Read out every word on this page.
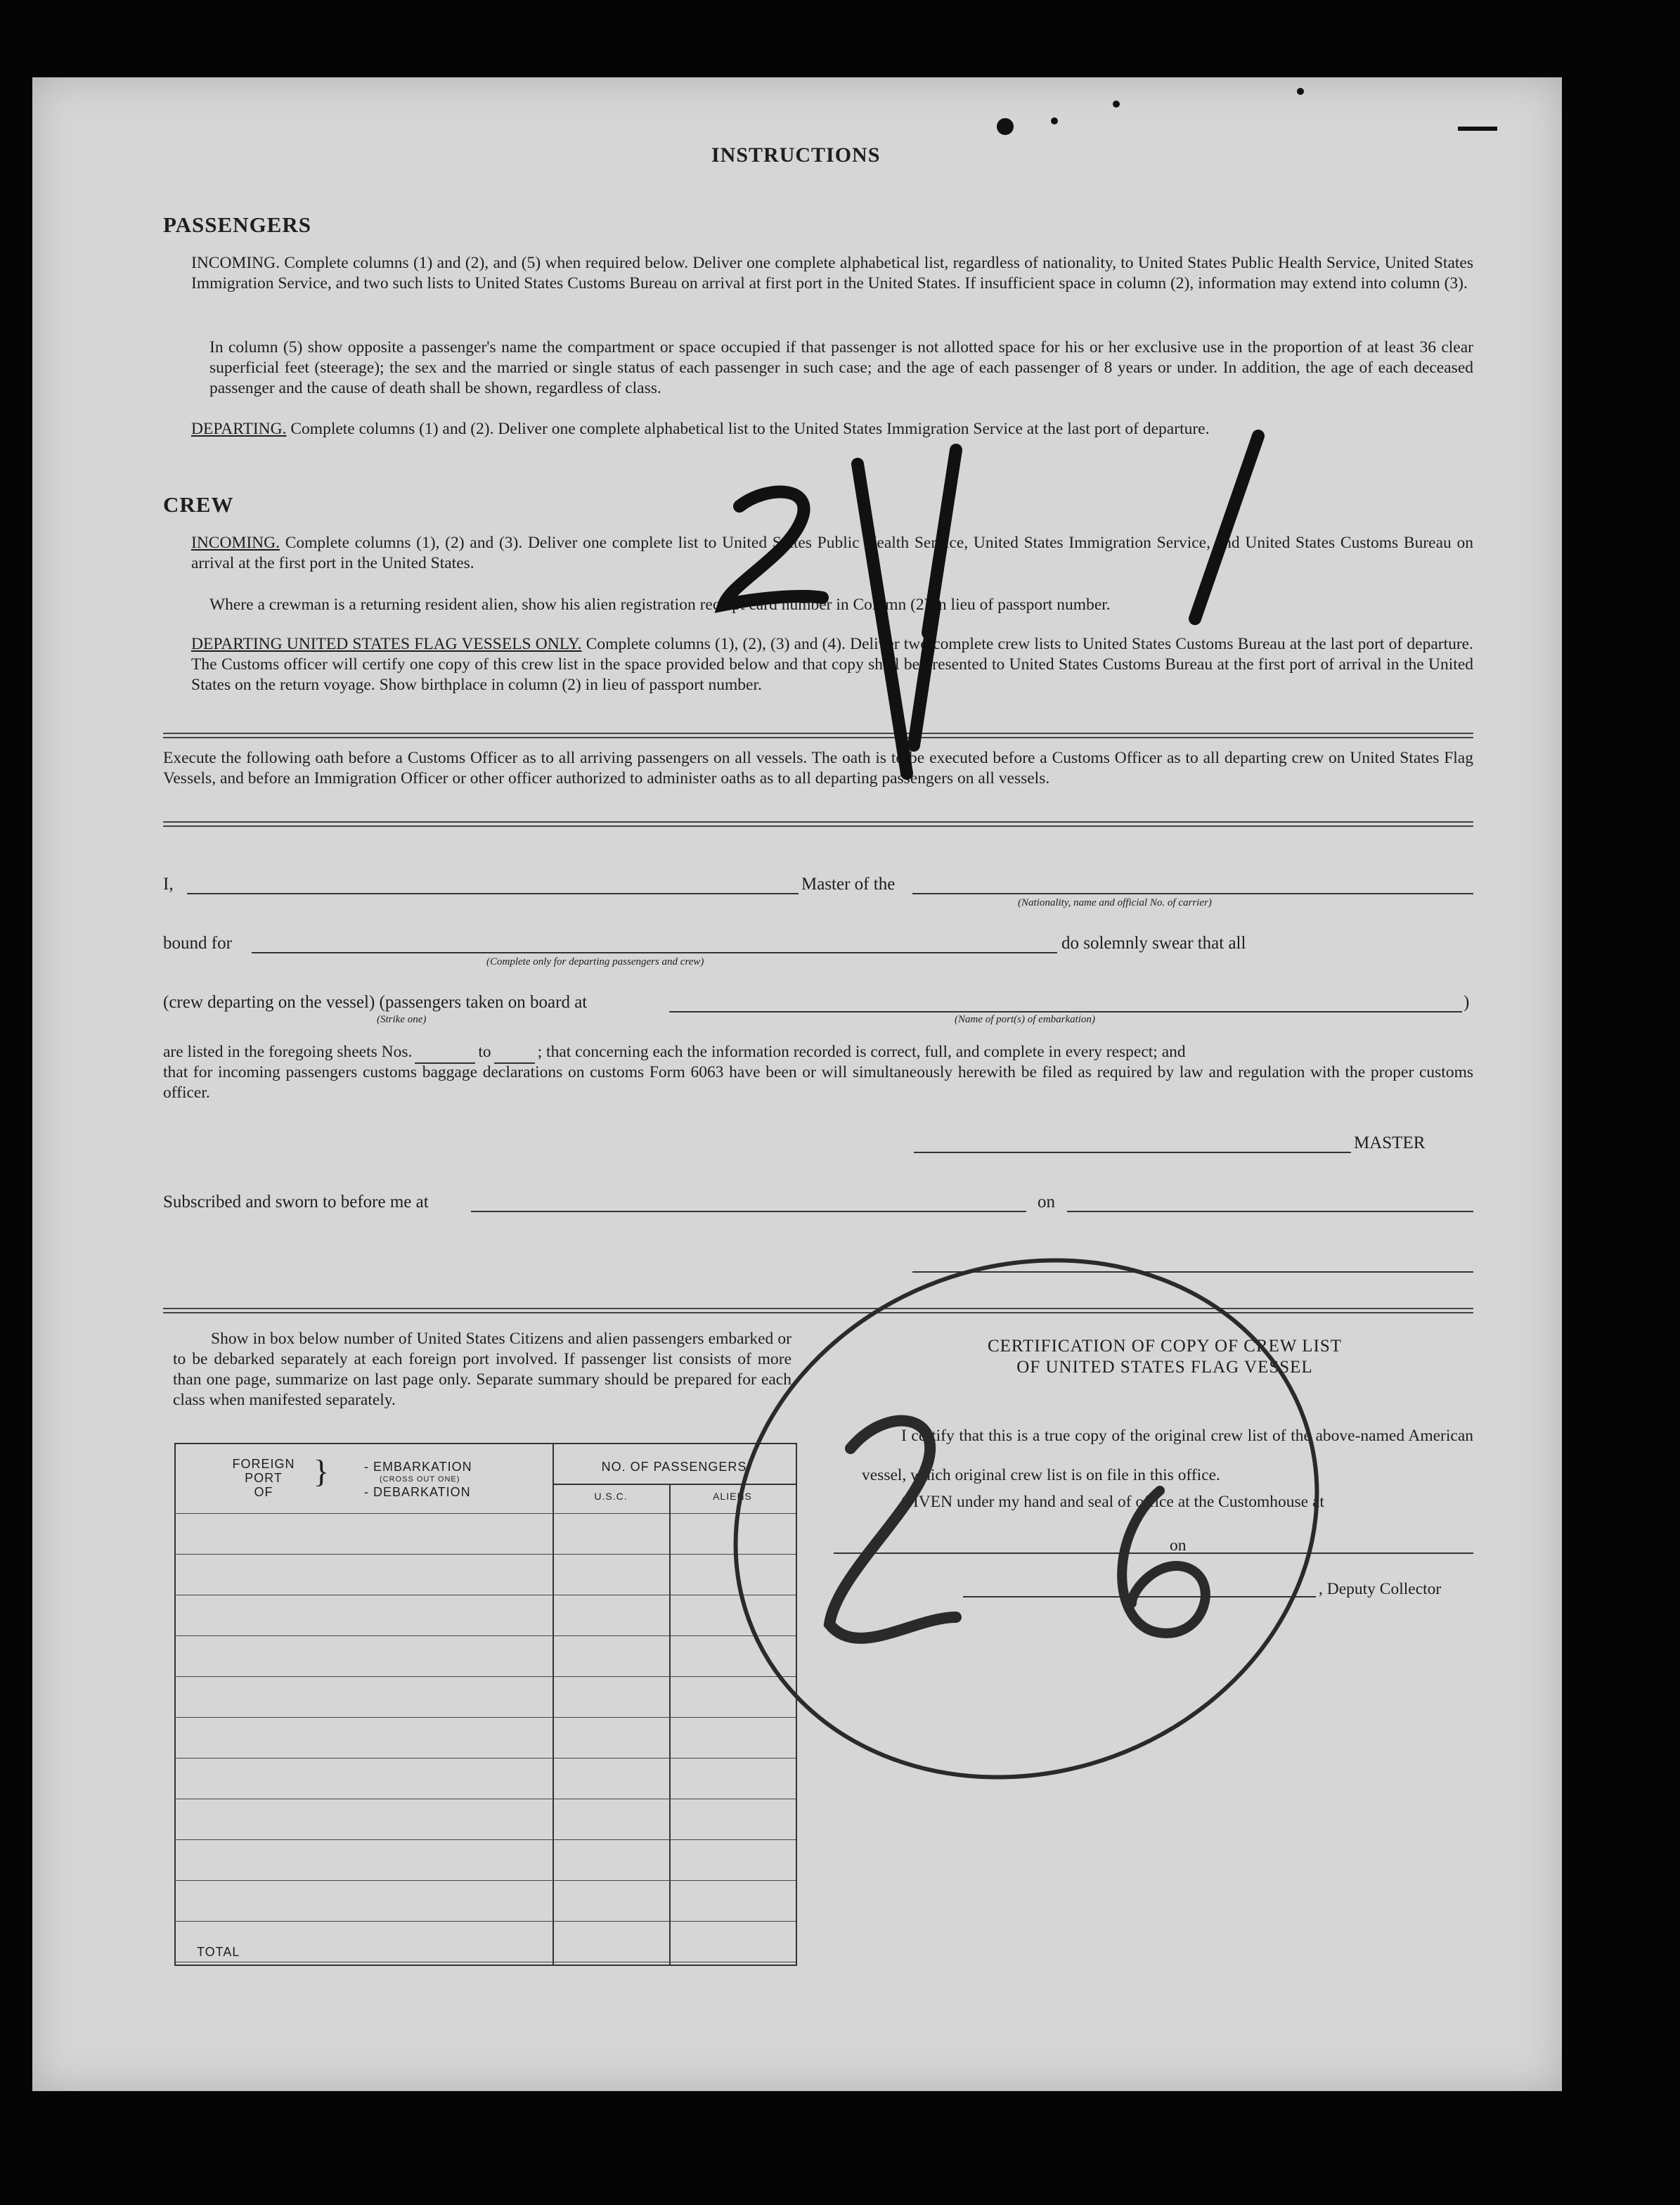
INSTRUCTIONS
PASSENGERS
INCOMING. Complete columns (1) and (2), and (5) when required below. Deliver one complete alphabetical list, regardless of nationality, to United States Public Health Service, United States Immigration Service, and two such lists to United States Customs Bureau on arrival at first port in the United States. If insufficient space in column (2), information may extend into column (3).
In column (5) show opposite a passenger's name the compartment or space occupied if that passenger is not allotted space for his or her exclusive use in the proportion of at least 36 clear superficial feet (steerage); the sex and the married or single status of each passenger in such case; and the age of each passenger of 8 years or under. In addition, the age of each deceased passenger and the cause of death shall be shown, regardless of class.
DEPARTING. Complete columns (1) and (2). Deliver one complete alphabetical list to the United States Immigration Service at the last port of departure.
CREW
INCOMING. Complete columns (1), (2) and (3). Deliver one complete list to United States Public Health Service, United States Immigration Service, and United States Customs Bureau on arrival at the first port in the United States.
Where a crewman is a returning resident alien, show his alien registration receipt card number in Column (2) in lieu of passport number.
DEPARTING UNITED STATES FLAG VESSELS ONLY. Complete columns (1), (2), (3) and (4). Deliver two complete crew lists to United States Customs Bureau at the last port of departure. The Customs officer will certify one copy of this crew list in the space provided below and that copy shall be presented to United States Customs Bureau at the first port of arrival in the United States on the return voyage. Show birthplace in column (2) in lieu of passport number.
Execute the following oath before a Customs Officer as to all arriving passengers on all vessels. The oath is to be executed before a Customs Officer as to all departing crew on United States Flag Vessels, and before an Immigration Officer or other officer authorized to administer oaths as to all departing passengers on all vessels.
I,	Master of the
(Nationality, name and official No. of carrier)
bound for
(Complete only for departing passengers and crew)
do solemnly swear that all
(crew departing on the vessel) (passengers taken on board at	)
(Strike one)	(Name of port(s) of embarkation)
are listed in the foregoing sheets Nos.	to	; that concerning each the information recorded is correct, full, and complete in every respect; and
that for incoming passengers customs baggage declarations on customs Form 6063 have been or will simultaneously herewith be filed as required by law and regulation with the proper customs officer.
MASTER
Subscribed and sworn to before me at	on
Show in box below number of United States Citizens and alien passengers embarked or to be debarked separately at each foreign port involved. If passenger list consists of more than one page, summarize on last page only. Separate summary should be prepared for each class when manifested separately.
FOREIGN
PORT
OF
}	- EMBARKATION
(CROSS OUT ONE)
- DEBARKATION
NO. OF PASSENGERS
U.S.C.	ALIENS
TOTAL
CERTIFICATION OF COPY OF CREW LIST
OF UNITED STATES FLAG VESSEL
I certify that this is a true copy of the original crew list of the above-named American vessel, which original crew list is on file in this office.
GIVEN under my hand and seal of office at the Customhouse at
on
, Deputy Collector
